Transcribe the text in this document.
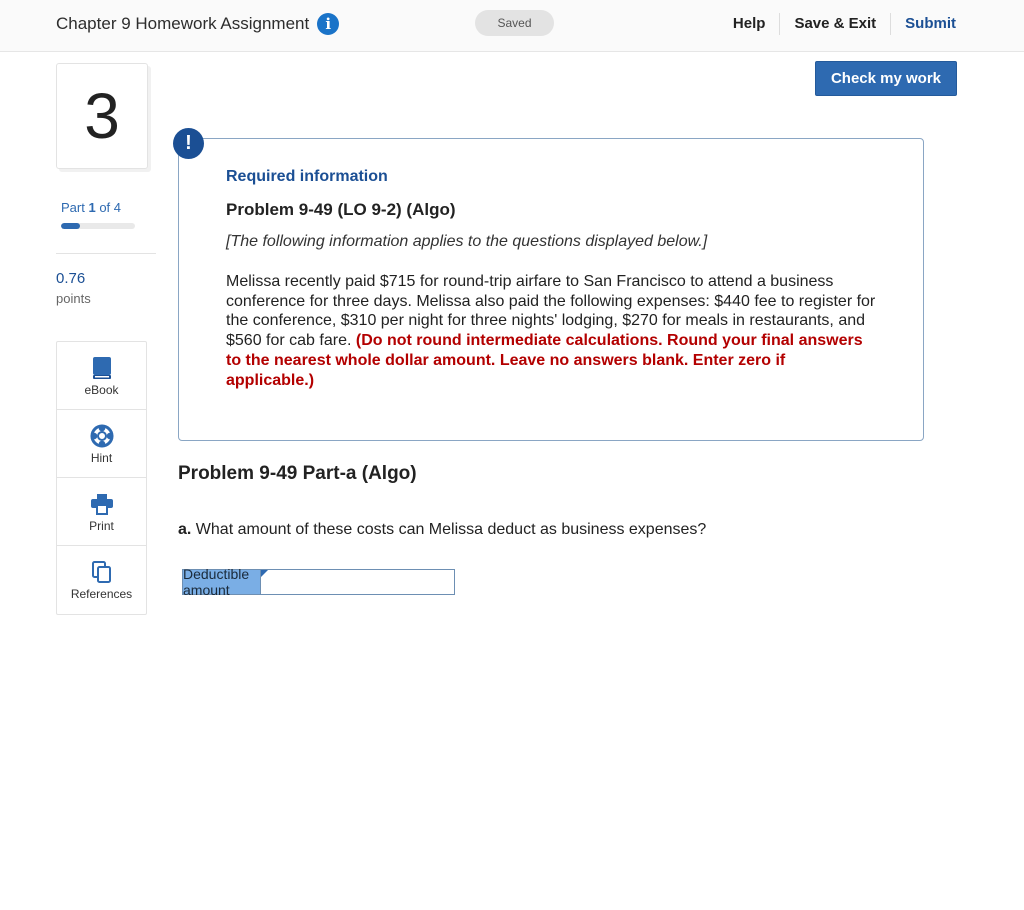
Chapter 9 Homework Assignment	i	Saved	Help	Save & Exit	Submit
Check my work
3
Part 1 of 4
0.76
points
eBook
Hint
Print
References
!
Required information
Problem 9-49 (LO 9-2) (Algo)
[The following information applies to the questions displayed below.]
Melissa recently paid $715 for round-trip airfare to San Francisco to attend a business conference for three days. Melissa also paid the following expenses: $440 fee to register for the conference, $310 per night for three nights' lodging, $270 for meals in restaurants, and $560 for cab fare. (Do not round intermediate calculations. Round your final answers to the nearest whole dollar amount. Leave no answers blank. Enter zero if applicable.)
Problem 9-49 Part-a (Algo)
a. What amount of these costs can Melissa deduct as business expenses?
Deductible amount
